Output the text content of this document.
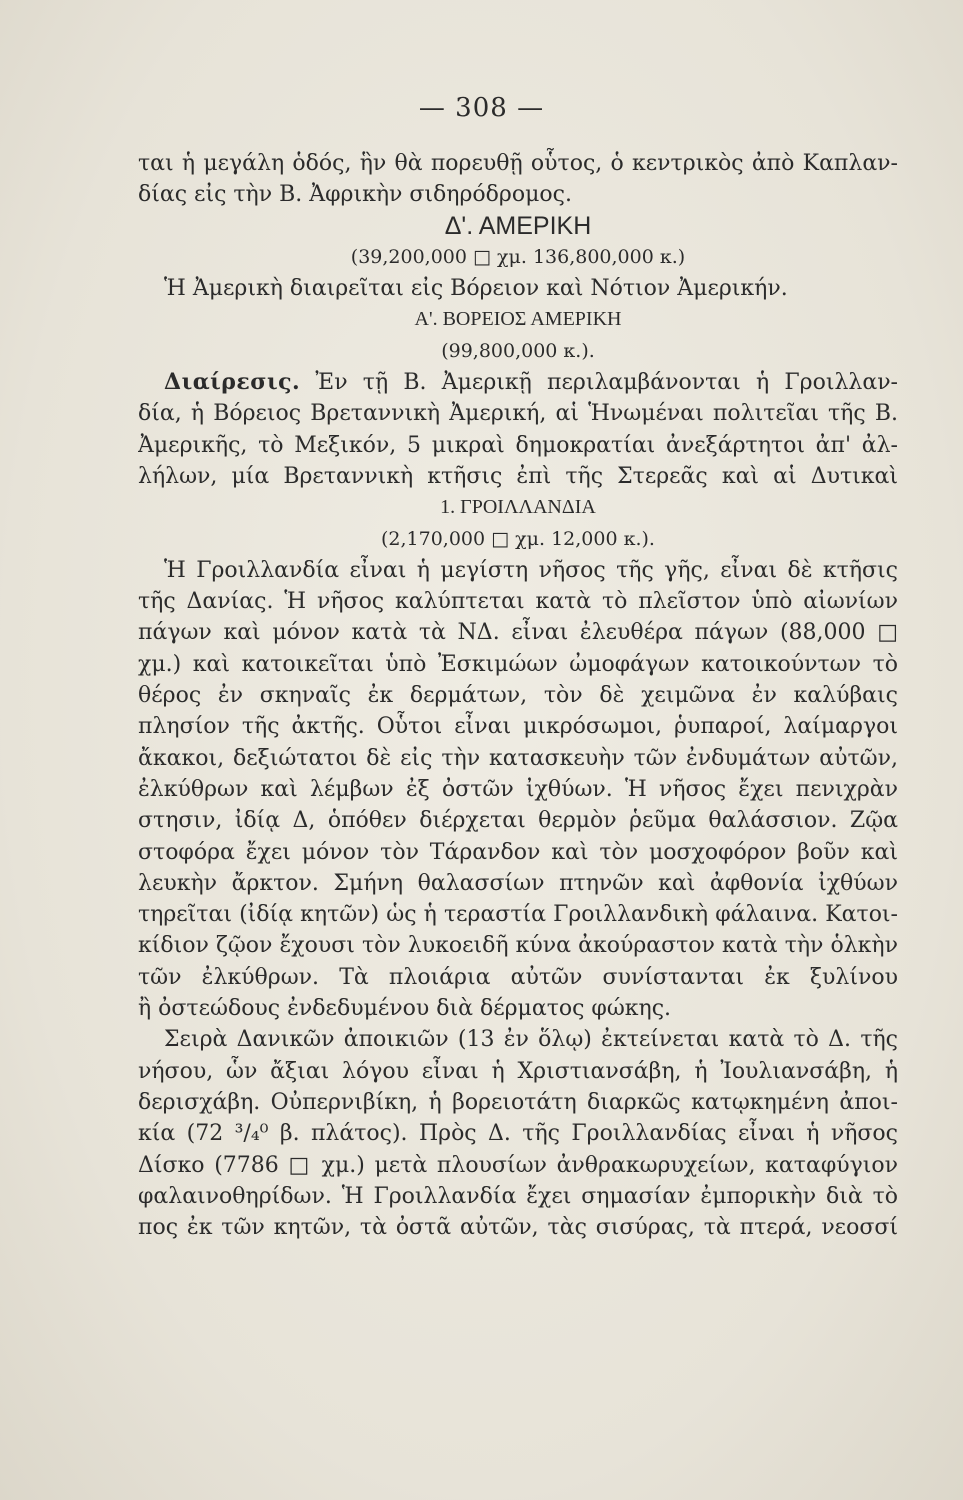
— 308 —
ται ἡ μεγάλη ὁδός, ἣν θὰ πορευθῇ οὗτος, ὁ κεντρικὸς ἀπὸ Καπλαν-
δίας εἰς τὴν Β. Ἀφρικὴν σιδηρόδρομος.
Δ'. ΑΜΕΡΙΚΗ
(39,200,000 □ χμ. 136,800,000 κ.)
Ἡ Ἀμερικὴ διαιρεῖται εἰς Βόρειον καὶ Νότιον Ἀμερικήν.
Α'. ΒΟΡΕΙΟΣ ΑΜΕΡΙΚΗ
(99,800,000 κ.).
Διαίρεσις. Ἐν τῇ Β. Ἀμερικῇ περιλαμβάνονται ἡ Γροιλλαν-
δία, ἡ Βόρειος Βρεταννικὴ Ἀμερική, αἱ Ἡνωμέναι πολιτεῖαι τῆς Β.
Ἀμερικῆς, τὸ Μεξικόν, 5 μικραὶ δημοκρατίαι ἀνεξάρτητοι ἀπ' ἀλ-
λήλων, μία Βρεταννικὴ κτῆσις ἐπὶ τῆς Στερεᾶς καὶ αἱ Δυτικαὶ
1. ΓΡΟΙΛΛΑΝΔΙΑ
(2,170,000 □ χμ. 12,000 κ.).
Ἡ Γροιλλανδία εἶναι ἡ μεγίστη νῆσος τῆς γῆς, εἶναι δὲ κτῆσις
τῆς Δανίας. Ἡ νῆσος καλύπτεται κατὰ τὸ πλεῖστον ὑπὸ αἰωνίων
πάγων καὶ μόνον κατὰ τὰ ΝΔ. εἶναι ἐλευθέρα πάγων (88,000 □
χμ.) καὶ κατοικεῖται ὑπὸ Ἐσκιμώων ὠμοφάγων κατοικούντων τὸ
θέρος ἐν σκηναῖς ἐκ δερμάτων, τὸν δὲ χειμῶνα ἐν καλύβαις
πλησίον τῆς ἀκτῆς. Οὗτοι εἶναι μικρόσωμοι, ῥυπαροί, λαίμαργοι
ἄκακοι, δεξιώτατοι δὲ εἰς τὴν κατασκευὴν τῶν ἐνδυμάτων αὐτῶν,
ἐλκύθρων καὶ λέμβων ἐξ ὀστῶν ἰχθύων. Ἡ νῆσος ἔχει πενιχρὰν
στησιν, ἰδίᾳ Δ, ὁπόθεν διέρχεται θερμὸν ῥεῦμα θαλάσσιον. Ζῷα
στοφόρα ἔχει μόνον τὸν Τάρανδον καὶ τὸν μοσχοφόρον βοῦν καὶ
λευκὴν ἄρκτον. Σμήνη θαλασσίων πτηνῶν καὶ ἀφθονία ἰχθύων
τηρεῖται (ἰδίᾳ κητῶν) ὡς ἡ τεραστία Γροιλλανδικὴ φάλαινα. Κατοι-
κίδιον ζῷον ἔχουσι τὸν λυκοειδῆ κύνα ἀκούραστον κατὰ τὴν ὁλκὴν
τῶν ἐλκύθρων. Τὰ πλοιάρια αὐτῶν συνίστανται ἐκ ξυλίνου
ἢ ὀστεώδους ἐνδεδυμένου διὰ δέρματος φώκης.
Σειρὰ Δανικῶν ἀποικιῶν (13 ἐν ὅλῳ) ἐκτείνεται κατὰ τὸ Δ. τῆς
νήσου, ὧν ἄξιαι λόγου εἶναι ἡ Χριστιανσάβη, ἡ Ἰουλιανσάβη, ἡ
δερισχάβη. Οὐπερνιβίκη, ἡ βορειοτάτη διαρκῶς κατῳκημένη ἀποι-
κία (72 ³/₄⁰ β. πλάτος). Πρὸς Δ. τῆς Γροιλλανδίας εἶναι ἡ νῆσος
Δίσκο (7786 □ χμ.) μετὰ πλουσίων ἀνθρακωρυχείων, καταφύγιον
φαλαινοθηρίδων. Ἡ Γροιλλανδία ἔχει σημασίαν ἐμπορικὴν διὰ τὸ
πος ἐκ τῶν κητῶν, τὰ ὀστᾶ αὐτῶν, τὰς σισύρας, τὰ πτερά, νεοσσί
